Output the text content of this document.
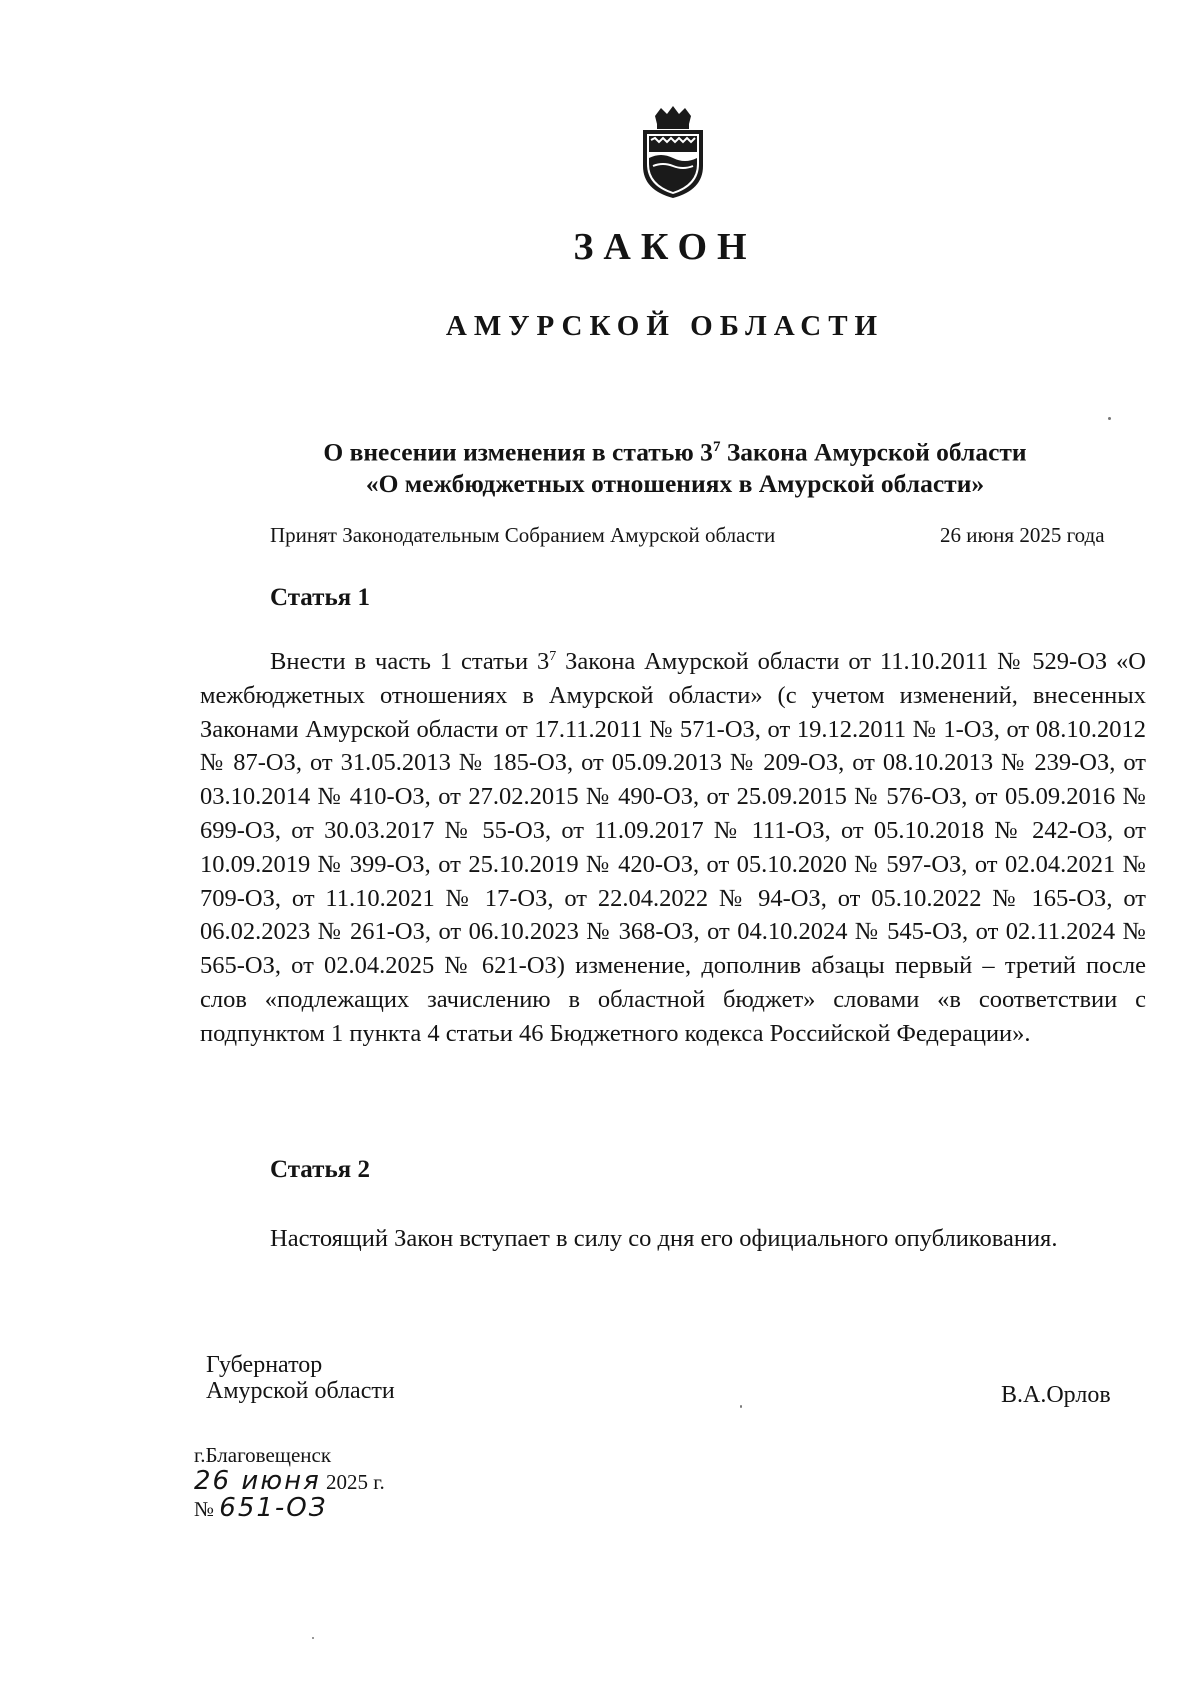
ЗАКОН
АМУРСКОЙ ОБЛАСТИ
О внесении изменения в статью $3^7$ Закона Амурской области
«О межбюджетных отношениях в Амурской области»
Принят Законодательным Собранием Амурской области	26 июня 2025 года
Статья 1
Внести в часть 1 статьи $3^7$ Закона Амурской области от 11.10.2011 № 529-ОЗ «О межбюджетных отношениях в Амурской области» (с учетом изменений, внесенных Законами Амурской области от 17.11.2011 № 571-ОЗ, от 19.12.2011 № 1-ОЗ, от 08.10.2012 № 87-ОЗ, от 31.05.2013 № 185-ОЗ, от 05.09.2013 № 209-ОЗ, от 08.10.2013 № 239-ОЗ, от 03.10.2014 № 410-ОЗ, от 27.02.2015 № 490-ОЗ, от 25.09.2015 № 576-ОЗ, от 05.09.2016 № 699-ОЗ, от 30.03.2017 № 55-ОЗ, от 11.09.2017 № 111-ОЗ, от 05.10.2018 № 242-ОЗ, от 10.09.2019 № 399-ОЗ, от 25.10.2019 № 420-ОЗ, от 05.10.2020 № 597-ОЗ, от 02.04.2021 № 709-ОЗ, от 11.10.2021 № 17-ОЗ, от 22.04.2022 № 94-ОЗ, от 05.10.2022 № 165-ОЗ, от 06.02.2023 № 261-ОЗ, от 06.10.2023 № 368-ОЗ, от 04.10.2024 № 545-ОЗ, от 02.11.2024 № 565-ОЗ, от 02.04.2025 № 621-ОЗ) изменение, дополнив абзацы первый – третий после слов «подлежащих зачислению в областной бюджет» словами «в соответствии с подпунктом 1 пункта 4 статьи 46 Бюджетного кодекса Российской Федерации».
Статья 2
Настоящий Закон вступает в силу со дня его официального опубликования.
Губернатор
Амурской области	В.А.Орлов
г.Благовещенск
26 июня 2025 г.
№ 651-ОЗ
